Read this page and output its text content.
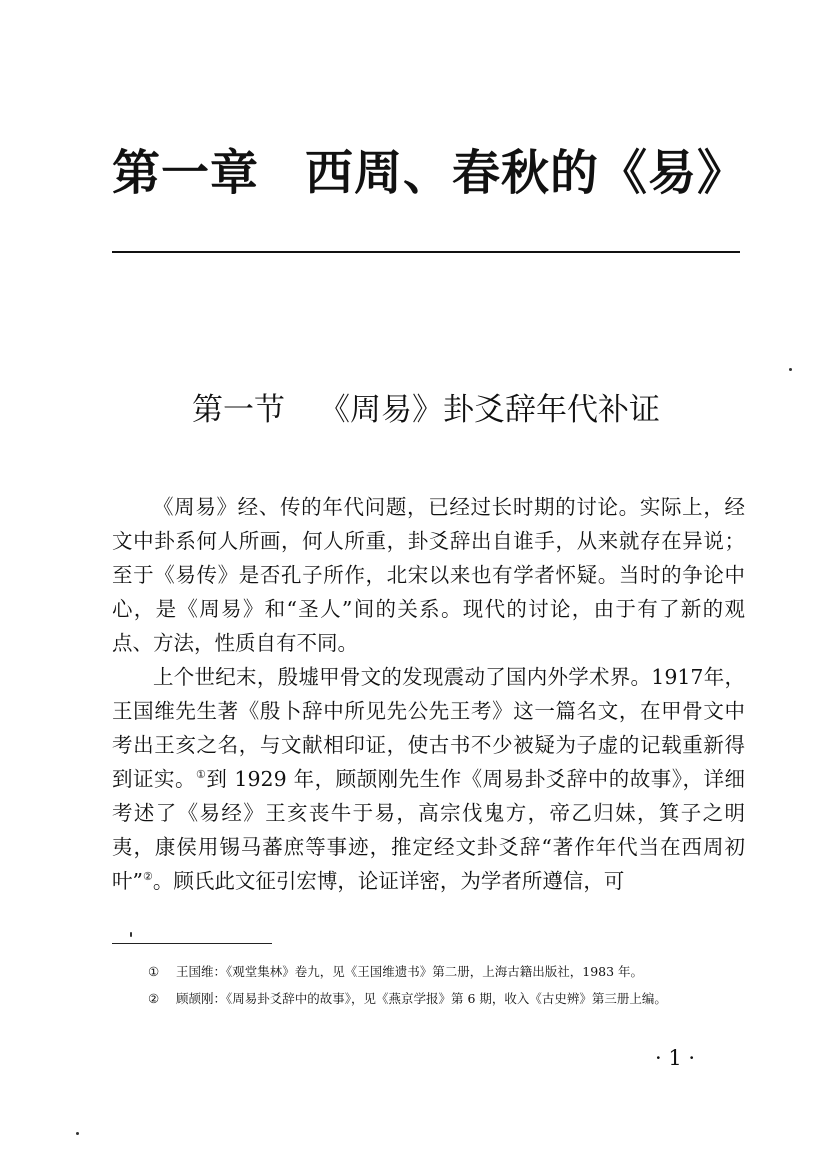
第一章 西周、春秋的《易》
第一节 《周易》卦爻辞年代补证

《周易》经、传的年代问题，已经过长时期的讨论。实际上，经文中卦系何人所画，何人所重，卦爻辞出自谁手，从来就存在异说；至于《易传》是否孔子所作，北宋以来也有学者怀疑。当时的争论中心，是《周易》和“圣人”间的关系。现代的讨论，由于有了新的观点、方法，性质自有不同。

上个世纪末，殷墟甲骨文的发现震动了国内外学术界。1917年，王国维先生著《殷卜辞中所见先公先王考》这一篇名文，在甲骨文中考出王亥之名，与文献相印证，使古书不少被疑为子虚的记载重新得到证实。①到 1929 年，顾颉刚先生作《周易卦爻辞中的故事》，详细考述了《易经》王亥丧牛于易，高宗伐鬼方，帝乙归妹，箕子之明夷，康侯用锡马蕃庶等事迹，推定经文卦爻辞“著作年代当在西周初叶”②。顾氏此文征引宏博，论证详密，为学者所遵信，可

① 王国维：《观堂集林》卷九，见《王国维遗书》第二册，上海古籍出版社，1983 年。

② 顾颉刚：《周易卦爻辞中的故事》，见《燕京学报》第 6 期，收入《古史辨》第三册上编。

· 1 ·
